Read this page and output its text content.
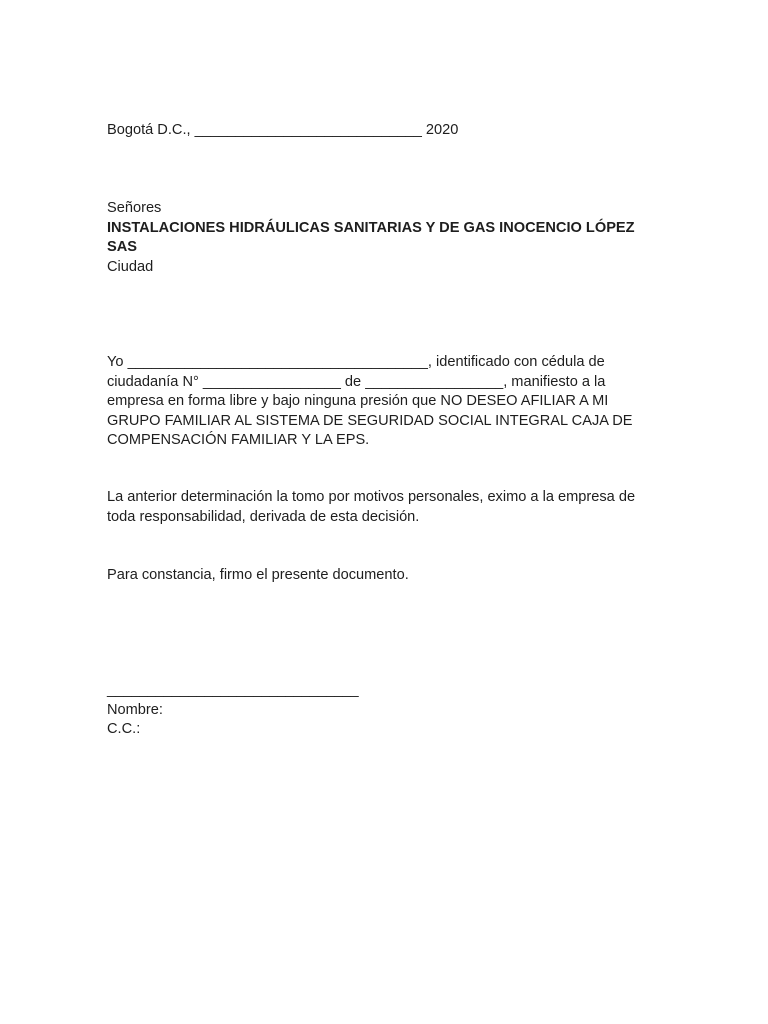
Bogotá D.C., ____________________________ 2020

Señores
INSTALACIONES HIDRÁULICAS SANITARIAS Y DE GAS INOCENCIO LÓPEZ SAS
Ciudad
Yo _____________________________________, identificado con cédula de
ciudadanía N° _________________ de _________________, manifiesto a la
empresa en forma libre y bajo ninguna presión que NO DESEO AFILIAR A MI
GRUPO FAMILIAR AL SISTEMA DE SEGURIDAD SOCIAL INTEGRAL CAJA DE
COMPENSACIÓN FAMILIAR Y LA EPS.
La anterior determinación la tomo por motivos personales, eximo a la empresa de
toda responsabilidad, derivada de esta decisión.

Para constancia, firmo el presente documento.

_______________________________
Nombre:
C.C.:
